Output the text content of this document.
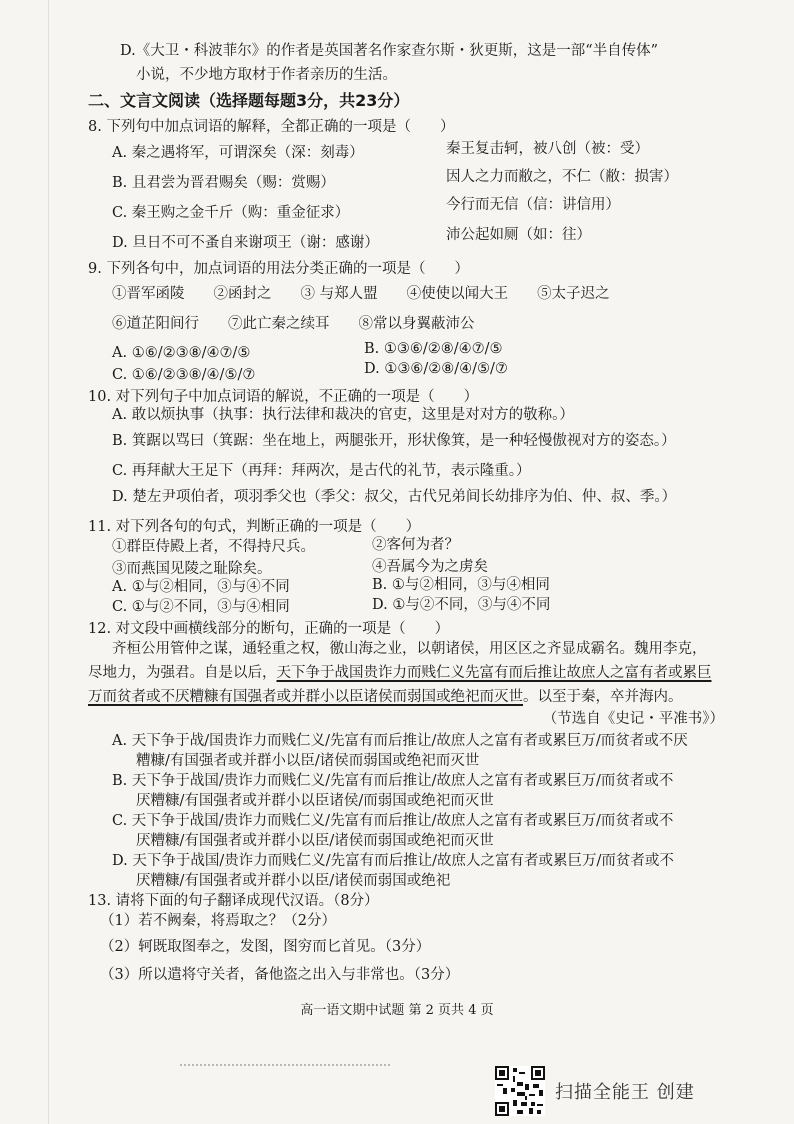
D.《大卫・科波菲尔》的作者是英国著名作家查尔斯・狄更斯，这是一部“半自传体”
小说，不少地方取材于作者亲历的生活。
二、文言文阅读（选择题每题3分，共23分）
8. 下列句中加点词语的解释，全都正确的一项是（　　）
A. 秦之遇将军，可谓深矣（深：刻毒）	秦王复击轲，被八创（被：受）
B. 且君尝为晋君赐矣（赐：赏赐）	因人之力而敝之，不仁（敝：损害）
C. 秦王购之金千斤（购：重金征求）	今行而无信（信：讲信用）
D. 旦日不可不蚤自来谢项王（谢：感谢）	沛公起如厕（如：往）
9. 下列各句中，加点词语的用法分类正确的一项是（　　）
①晋军函陵　　②函封之　　③ 与郑人盟　　④使使以闻大王　　⑤太子迟之
⑥道芷阳间行　　⑦此亡秦之续耳　　⑧常以身翼蔽沛公
A. ①⑥/②③⑧/④⑦/⑤	B. ①③⑥/②⑧/④⑦/⑤
C. ①⑥/②③⑧/④/⑤/⑦	D. ①③⑥/②⑧/④/⑤/⑦
10. 对下列句子中加点词语的解说，不正确的一项是（　　）
A. 敢以烦执事（执事：执行法律和裁决的官吏，这里是对对方的敬称。）
B. 箕踞以骂曰（箕踞：坐在地上，两腿张开，形状像箕，是一种轻慢傲视对方的姿态。）
C. 再拜献大王足下（再拜：拜两次，是古代的礼节，表示隆重。）
D. 楚左尹项伯者，项羽季父也（季父：叔父，古代兄弟间长幼排序为伯、仲、叔、季。）
11. 对下列各句的句式，判断正确的一项是（　　）
①群臣侍殿上者，不得持尺兵。	②客何为者？
③而燕国见陵之耻除矣。	④吾属今为之虏矣
A. ①与②相同，③与④不同	B. ①与②相同，③与④相同
C. ①与②不同，③与④相同	D. ①与②不同，③与④不同
12. 对文段中画横线部分的断句，正确的一项是（　　）
齐桓公用管仲之谋，通轻重之权，徼山海之业，以朝诸侯，用区区之齐显成霸名。魏用李克，
尽地力，为强君。自是以后，天下争于战国贵诈力而贱仁义先富有而后推让故庶人之富有者或累巨
万而贫者或不厌糟糠有国强者或并群小以臣诸侯而弱国或绝祀而灭世。以至于秦，卒并海内。
（节选自《史记・平准书》）
A. 天下争于战/国贵诈力而贱仁义/先富有而后推让/故庶人之富有者或累巨万/而贫者或不厌
糟糠/有国强者或并群小以臣/诸侯而弱国或绝祀而灭世
B. 天下争于战国/贵诈力而贱仁义/先富有而后推让/故庶人之富有者或累巨万/而贫者或不
厌糟糠/有国强者或并群小以臣诸侯/而弱国或绝祀而灭世
C. 天下争于战国/贵诈力而贱仁义/先富有而后推让/故庶人之富有者或累巨万/而贫者或不
厌糟糠/有国强者或并群小以臣/诸侯而弱国或绝祀而灭世
D. 天下争于战国/贵诈力而贱仁义/先富有而后推让/故庶人之富有者或累巨万/而贫者或不
厌糟糠/有国强者或并群小以臣/诸侯而弱国或绝祀
13. 请将下面的句子翻译成现代汉语。（8分）
（1）若不阙秦，将焉取之？（2分）
（2）轲既取图奉之，发图，图穷而匕首见。（3分）
（3）所以遣将守关者，备他盗之出入与非常也。（3分）
高一语文期中试题 第 2 页共 4 页
扫描全能王 创建
